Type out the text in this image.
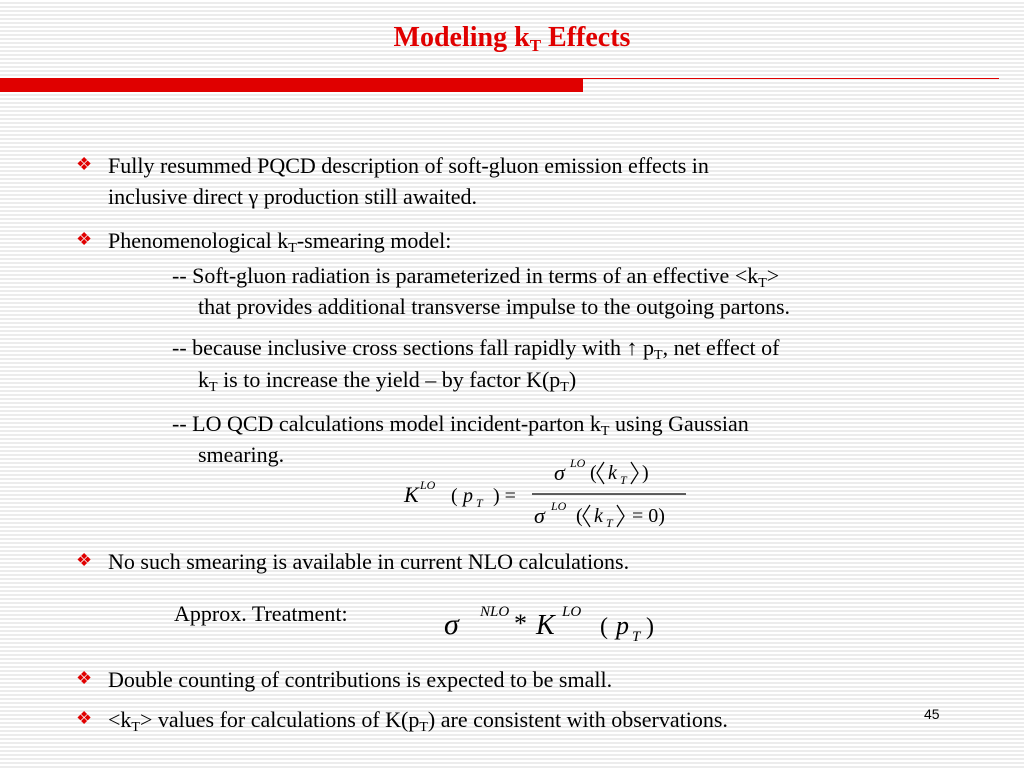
Modeling $k_T$ Effects
❖ Fully resummed PQCD description of soft-gluon emission effects in
inclusive direct γ production still awaited.
❖ Phenomenological $k_T$-smearing model:
-- Soft-gluon radiation is parameterized in terms of an effective $<k_T>$
that provides additional transverse impulse to the outgoing partons.
-- because inclusive cross sections fall rapidly with ↑ $p_T$, net effect of
$k_T$ is to increase the yield – by factor $K(p_T)$
-- LO QCD calculations model incident-parton $k_T$ using Gaussian
smearing.
K LO ( p T ) =
σ LO ( k T )
σ LO ( k T = 0)
❖ No such smearing is available in current NLO calculations.
Approx. Treatment:	σ NLO * K LO
( p T )
❖ Double counting of contributions is expected to be small.
❖ $<k_T>$ values for calculations of $K(p_T)$ are consistent with observations.	45
